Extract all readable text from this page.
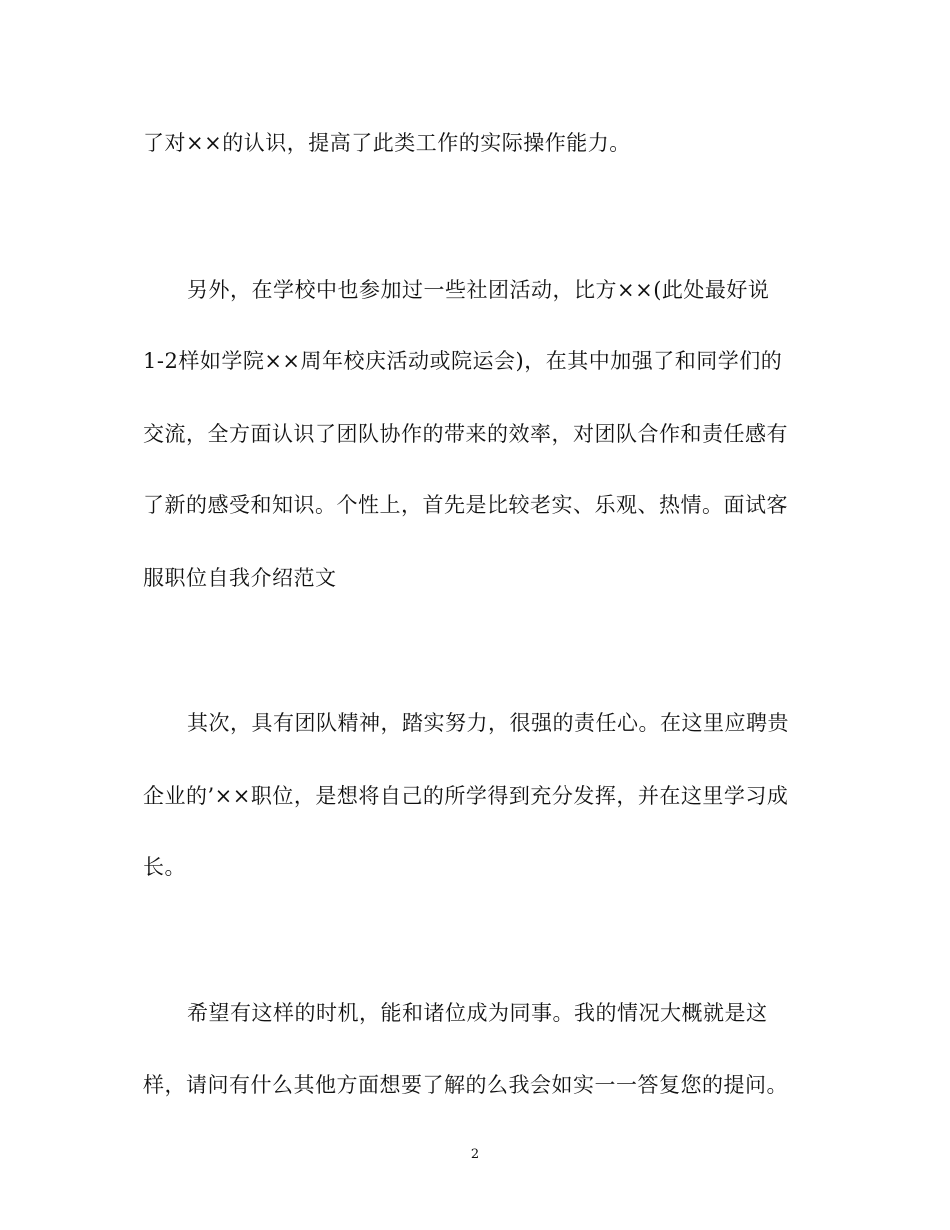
了对××的认识，提高了此类工作的实际操作能力。
另外，在学校中也参加过一些社团活动，比方××(此处最好说
1-2样如学院××周年校庆活动或院运会)，在其中加强了和同学们的
交流，全方面认识了团队协作的带来的效率，对团队合作和责任感有
了新的感受和知识。个性上，首先是比较老实、乐观、热情。面试客
服职位自我介绍范文
其次，具有团队精神，踏实努力，很强的责任心。在这里应聘贵
企业的’××职位，是想将自己的所学得到充分发挥，并在这里学习成
长。
希望有这样的时机，能和诸位成为同事。我的情况大概就是这
样，请问有什么其他方面想要了解的么我会如实一一答复您的提问。
2
